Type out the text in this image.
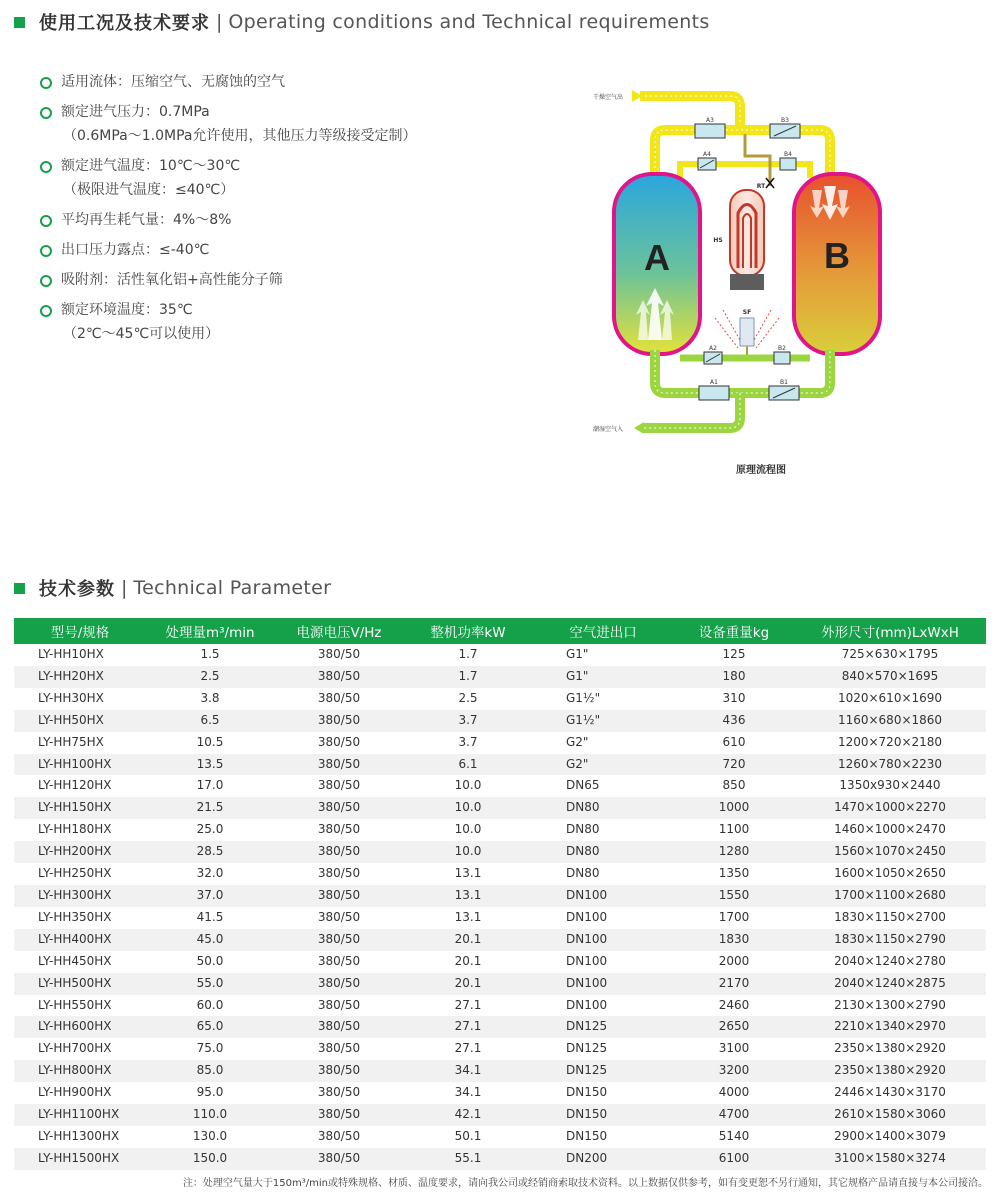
使用工况及技术要求 | Operating conditions and Technical requirements
适用流体：压缩空气、无腐蚀的空气
额定进气压力：0.7MPa
（0.6MPa～1.0MPa允许使用，其他压力等级接受定制）
额定进气温度：10℃～30℃
（极限进气温度：≤40℃）
平均再生耗气量：4%～8%
出口压力露点：≤-40℃
吸附剂：活性氧化铝+高性能分子筛
额定环境温度：35℃
（2℃～45℃可以使用）
A	B
HS
RT
SF
A3	B3
A4	B4
A2	B2
A1	B1
干燥空气出
潮湿空气入
原理流程图
技术参数 | Technical Parameter
型号/规格	处理量m³/min	电源电压V/Hz	整机功率kW	空气进出口	设备重量kg	外形尺寸(mm)LxWxH
LY-HH10HX	1.5	380/50	1.7	G1"	125	725×630×1795
LY-HH20HX	2.5	380/50	1.7	G1"	180	840×570×1695
LY-HH30HX	3.8	380/50	2.5	G1½"	310	1020×610×1690
LY-HH50HX	6.5	380/50	3.7	G1½"	436	1160×680×1860
LY-HH75HX	10.5	380/50	3.7	G2"	610	1200×720×2180
LY-HH100HX	13.5	380/50	6.1	G2"	720	1260×780×2230
LY-HH120HX	17.0	380/50	10.0	DN65	850	1350x930×2440
LY-HH150HX	21.5	380/50	10.0	DN80	1000	1470×1000×2270
LY-HH180HX	25.0	380/50	10.0	DN80	1100	1460×1000×2470
LY-HH200HX	28.5	380/50	10.0	DN80	1280	1560×1070×2450
LY-HH250HX	32.0	380/50	13.1	DN80	1350	1600×1050×2650
LY-HH300HX	37.0	380/50	13.1	DN100	1550	1700×1100×2680
LY-HH350HX	41.5	380/50	13.1	DN100	1700	1830×1150×2700
LY-HH400HX	45.0	380/50	20.1	DN100	1830	1830×1150×2790
LY-HH450HX	50.0	380/50	20.1	DN100	2000	2040×1240×2780
LY-HH500HX	55.0	380/50	20.1	DN100	2170	2040×1240×2875
LY-HH550HX	60.0	380/50	27.1	DN100	2460	2130×1300×2790
LY-HH600HX	65.0	380/50	27.1	DN125	2650	2210×1340×2970
LY-HH700HX	75.0	380/50	27.1	DN125	3100	2350×1380×2920
LY-HH800HX	85.0	380/50	34.1	DN125	3200	2350×1380×2920
LY-HH900HX	95.0	380/50	34.1	DN150	4000	2446×1430×3170
LY-HH1100HX	110.0	380/50	42.1	DN150	4700	2610×1580×3060
LY-HH1300HX	130.0	380/50	50.1	DN150	5140	2900×1400×3079
LY-HH1500HX	150.0	380/50	55.1	DN200	6100	3100×1580×3274
注：处理空气量大于150m³/min或特殊规格、材质、温度要求，请向我公司或经销商索取技术资料。以上数据仅供参考，如有变更恕不另行通知，其它规格产品请直接与本公司接洽。
